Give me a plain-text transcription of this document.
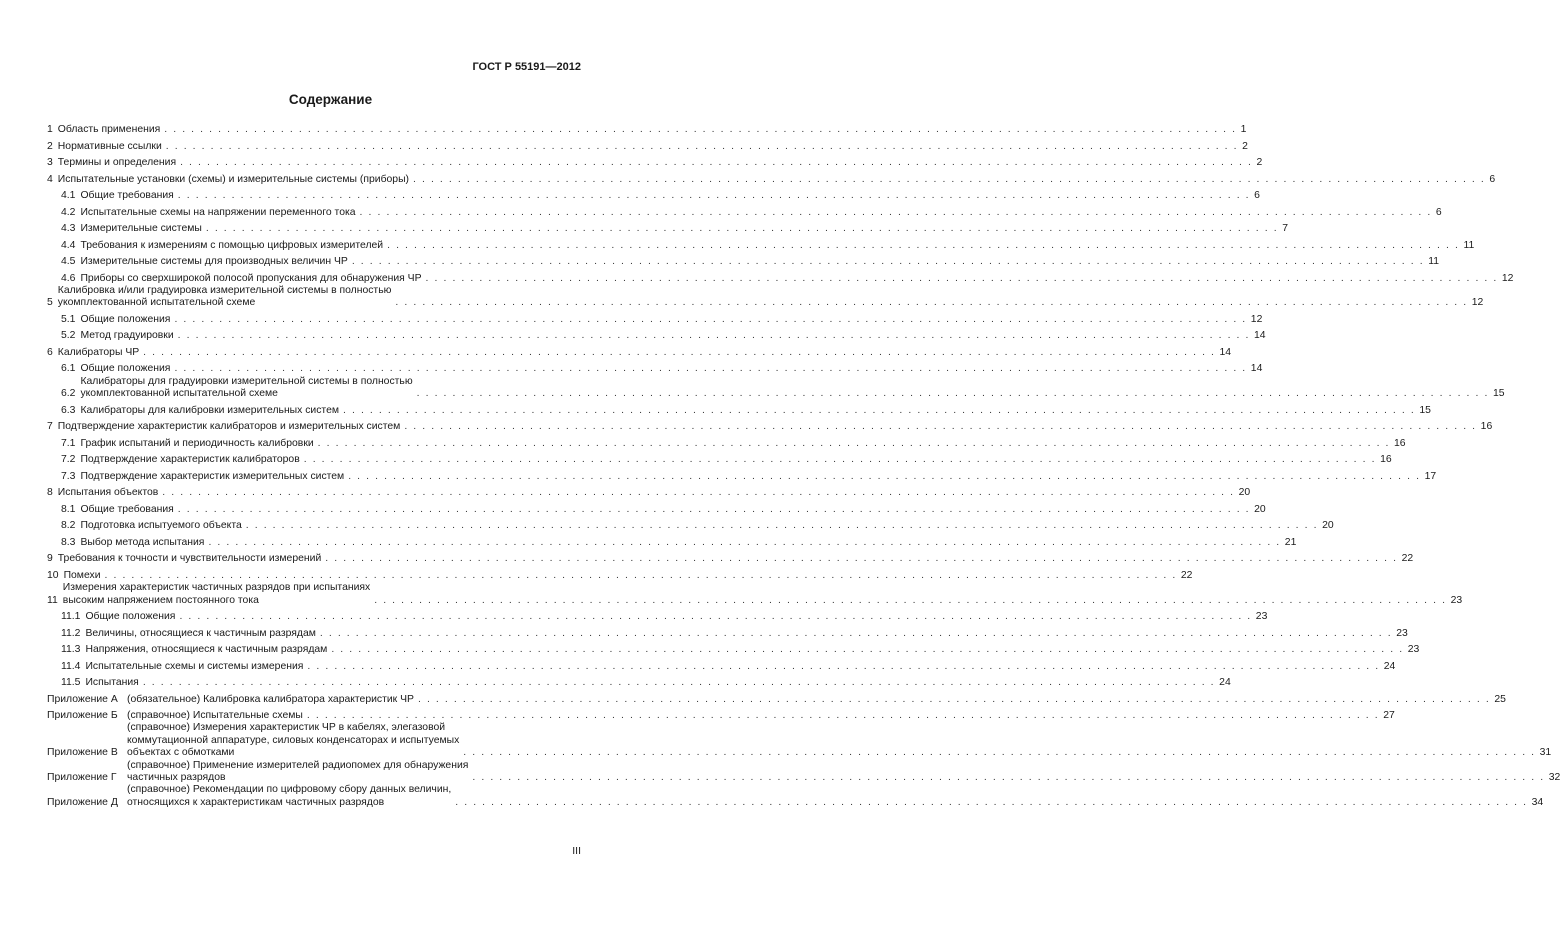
ГОСТ Р 55191—2012
Содержание
1 Область применения . . . . . . . . . . . . . . . . . . . . . . . . . . . . . . . . . . . . . . . . . . . . . . . . . . . . . . . . . . . . . . . . . . . . . . . . . . . . . . . . . . . . . . . . . . . . . . . . . . . . . . . . . . . . . . . . . . . . . . . . 1
2 Нормативные ссылки . . . . . . . . . . . . . . . . . . . . . . . . . . . . . . . . . . . . . . . . . . . . . . . . . . . . . . . . . . . . . . . . . . . . . . . . . . . . . . . . . . . . . . . . . . . . . . . . . . . . . . . . . . . . . . . . . . . . . . . . 2
3 Термины и определения . . . . . . . . . . . . . . . . . . . . . . . . . . . . . . . . . . . . . . . . . . . . . . . . . . . . . . . . . . . . . . . . . . . . . . . . . . . . . . . . . . . . . . . . . . . . . . . . . . . . . . . . . . . . . . . . . . . . . . . . 2
4 Испытательные установки (схемы) и измерительные системы (приборы) . . . . . . . . . . . . . . . . . . . . . . . . . . . . . . . . . . . . . . . . . . . . . . . . . . . . . . . . . . . . . . . . . . . . . . . . . . . . . . . . . . . . . . . . . . . . . . . . . . . . . . . . . . . . . . . . . . . . . . . . 6
4.1 Общие требования . . . . . . . . . . . . . . . . . . . . . . . . . . . . . . . . . . . . . . . . . . . . . . . . . . . . . . . . . . . . . . . . . . . . . . . . . . . . . . . . . . . . . . . . . . . . . . . . . . . . . . . . . . . . . . . . . . . . . . . . 6
4.2 Испытательные схемы на напряжении переменного тока . . . . . . . . . . . . . . . . . . . . . . . . . . . . . . . . . . . . . . . . . . . . . . . . . . . . . . . . . . . . . . . . . . . . . . . . . . . . . . . . . . . . . . . . . . . . . . . . . . . . . . . . . . . . . . . . . . . . . . . . 6
4.3 Измерительные системы . . . . . . . . . . . . . . . . . . . . . . . . . . . . . . . . . . . . . . . . . . . . . . . . . . . . . . . . . . . . . . . . . . . . . . . . . . . . . . . . . . . . . . . . . . . . . . . . . . . . . . . . . . . . . . . . . . . . . . . . 7
4.4 Требования к измерениям с помощью цифровых измерителей . . . . . . . . . . . . . . . . . . . . . . . . . . . . . . . . . . . . . . . . . . . . . . . . . . . . . . . . . . . . . . . . . . . . . . . . . . . . . . . . . . . . . . . . . . . . . . . . . . . . . . . . . . . . . . . . . . . . . . . . 11
4.5 Измерительные системы для производных величин ЧР . . . . . . . . . . . . . . . . . . . . . . . . . . . . . . . . . . . . . . . . . . . . . . . . . . . . . . . . . . . . . . . . . . . . . . . . . . . . . . . . . . . . . . . . . . . . . . . . . . . . . . . . . . . . . . . . . . . . . . . . 11
4.6 Приборы со сверхширокой полосой пропускания для обнаружения ЧР . . . . . . . . . . . . . . . . . . . . . . . . . . . . . . . . . . . . . . . . . . . . . . . . . . . . . . . . . . . . . . . . . . . . . . . . . . . . . . . . . . . . . . . . . . . . . . . . . . . . . . . . . . . . . . . . . . . . . . . . 12
5
Калибровка и/или градуировка измерительной системы в полностью
укомплектованной испытательной схеме	. . . . . . . . . . . . . . . . . . . . . . . . . . . . . . . . . . . . . . . . . . . . . . . . . . . . . . . . . . . . . . . . . . . . . . . . . . . . . . . . . . . . . . . . . . . . . . . . . . . . . . . . . . . . . . . . . . . . . . . . 12
5.1 Общие положения . . . . . . . . . . . . . . . . . . . . . . . . . . . . . . . . . . . . . . . . . . . . . . . . . . . . . . . . . . . . . . . . . . . . . . . . . . . . . . . . . . . . . . . . . . . . . . . . . . . . . . . . . . . . . . . . . . . . . . . . 12
5.2 Метод градуировки . . . . . . . . . . . . . . . . . . . . . . . . . . . . . . . . . . . . . . . . . . . . . . . . . . . . . . . . . . . . . . . . . . . . . . . . . . . . . . . . . . . . . . . . . . . . . . . . . . . . . . . . . . . . . . . . . . . . . . . . 14
6 Калибраторы ЧР . . . . . . . . . . . . . . . . . . . . . . . . . . . . . . . . . . . . . . . . . . . . . . . . . . . . . . . . . . . . . . . . . . . . . . . . . . . . . . . . . . . . . . . . . . . . . . . . . . . . . . . . . . . . . . . . . . . . . . . . 14
6.1 Общие положения . . . . . . . . . . . . . . . . . . . . . . . . . . . . . . . . . . . . . . . . . . . . . . . . . . . . . . . . . . . . . . . . . . . . . . . . . . . . . . . . . . . . . . . . . . . . . . . . . . . . . . . . . . . . . . . . . . . . . . . . 14
6.2
Калибраторы для градуировки измерительной системы в полностью
укомплектованной испытательной схеме	. . . . . . . . . . . . . . . . . . . . . . . . . . . . . . . . . . . . . . . . . . . . . . . . . . . . . . . . . . . . . . . . . . . . . . . . . . . . . . . . . . . . . . . . . . . . . . . . . . . . . . . . . . . . . . . . . . . . . . . . 15
6.3 Калибраторы для калибровки измерительных систем . . . . . . . . . . . . . . . . . . . . . . . . . . . . . . . . . . . . . . . . . . . . . . . . . . . . . . . . . . . . . . . . . . . . . . . . . . . . . . . . . . . . . . . . . . . . . . . . . . . . . . . . . . . . . . . . . . . . . . . . 15
7 Подтверждение характеристик калибраторов и измерительных систем . . . . . . . . . . . . . . . . . . . . . . . . . . . . . . . . . . . . . . . . . . . . . . . . . . . . . . . . . . . . . . . . . . . . . . . . . . . . . . . . . . . . . . . . . . . . . . . . . . . . . . . . . . . . . . . . . . . . . . . . 16
7.1 График испытаний и периодичность калибровки . . . . . . . . . . . . . . . . . . . . . . . . . . . . . . . . . . . . . . . . . . . . . . . . . . . . . . . . . . . . . . . . . . . . . . . . . . . . . . . . . . . . . . . . . . . . . . . . . . . . . . . . . . . . . . . . . . . . . . . . 16
7.2 Подтверждение характеристик калибраторов . . . . . . . . . . . . . . . . . . . . . . . . . . . . . . . . . . . . . . . . . . . . . . . . . . . . . . . . . . . . . . . . . . . . . . . . . . . . . . . . . . . . . . . . . . . . . . . . . . . . . . . . . . . . . . . . . . . . . . . . 16
7.3 Подтверждение характеристик измерительных систем . . . . . . . . . . . . . . . . . . . . . . . . . . . . . . . . . . . . . . . . . . . . . . . . . . . . . . . . . . . . . . . . . . . . . . . . . . . . . . . . . . . . . . . . . . . . . . . . . . . . . . . . . . . . . . . . . . . . . . . . 17
8 Испытания объектов . . . . . . . . . . . . . . . . . . . . . . . . . . . . . . . . . . . . . . . . . . . . . . . . . . . . . . . . . . . . . . . . . . . . . . . . . . . . . . . . . . . . . . . . . . . . . . . . . . . . . . . . . . . . . . . . . . . . . . . . 20
8.1 Общие требования . . . . . . . . . . . . . . . . . . . . . . . . . . . . . . . . . . . . . . . . . . . . . . . . . . . . . . . . . . . . . . . . . . . . . . . . . . . . . . . . . . . . . . . . . . . . . . . . . . . . . . . . . . . . . . . . . . . . . . . . 20
8.2 Подготовка испытуемого объекта . . . . . . . . . . . . . . . . . . . . . . . . . . . . . . . . . . . . . . . . . . . . . . . . . . . . . . . . . . . . . . . . . . . . . . . . . . . . . . . . . . . . . . . . . . . . . . . . . . . . . . . . . . . . . . . . . . . . . . . . 20
8.3 Выбор метода испытания . . . . . . . . . . . . . . . . . . . . . . . . . . . . . . . . . . . . . . . . . . . . . . . . . . . . . . . . . . . . . . . . . . . . . . . . . . . . . . . . . . . . . . . . . . . . . . . . . . . . . . . . . . . . . . . . . . . . . . . . 21
9 Требования к точности и чувствительности измерений . . . . . . . . . . . . . . . . . . . . . . . . . . . . . . . . . . . . . . . . . . . . . . . . . . . . . . . . . . . . . . . . . . . . . . . . . . . . . . . . . . . . . . . . . . . . . . . . . . . . . . . . . . . . . . . . . . . . . . . . 22
10 Помехи . . . . . . . . . . . . . . . . . . . . . . . . . . . . . . . . . . . . . . . . . . . . . . . . . . . . . . . . . . . . . . . . . . . . . . . . . . . . . . . . . . . . . . . . . . . . . . . . . . . . . . . . . . . . . . . . . . . . . . . . 22
11
Измерения характеристик частичных разрядов при испытаниях
высоким напряжением постоянного тока	. . . . . . . . . . . . . . . . . . . . . . . . . . . . . . . . . . . . . . . . . . . . . . . . . . . . . . . . . . . . . . . . . . . . . . . . . . . . . . . . . . . . . . . . . . . . . . . . . . . . . . . . . . . . . . . . . . . . . . . . 23
11.1 Общие положения . . . . . . . . . . . . . . . . . . . . . . . . . . . . . . . . . . . . . . . . . . . . . . . . . . . . . . . . . . . . . . . . . . . . . . . . . . . . . . . . . . . . . . . . . . . . . . . . . . . . . . . . . . . . . . . . . . . . . . . . 23
11.2 Величины, относящиеся к частичным разрядам . . . . . . . . . . . . . . . . . . . . . . . . . . . . . . . . . . . . . . . . . . . . . . . . . . . . . . . . . . . . . . . . . . . . . . . . . . . . . . . . . . . . . . . . . . . . . . . . . . . . . . . . . . . . . . . . . . . . . . . . 23
11.3 Напряжения, относящиеся к частичным разрядам . . . . . . . . . . . . . . . . . . . . . . . . . . . . . . . . . . . . . . . . . . . . . . . . . . . . . . . . . . . . . . . . . . . . . . . . . . . . . . . . . . . . . . . . . . . . . . . . . . . . . . . . . . . . . . . . . . . . . . . . 23
11.4 Испытательные схемы и системы измерения . . . . . . . . . . . . . . . . . . . . . . . . . . . . . . . . . . . . . . . . . . . . . . . . . . . . . . . . . . . . . . . . . . . . . . . . . . . . . . . . . . . . . . . . . . . . . . . . . . . . . . . . . . . . . . . . . . . . . . . . 24
11.5 Испытания . . . . . . . . . . . . . . . . . . . . . . . . . . . . . . . . . . . . . . . . . . . . . . . . . . . . . . . . . . . . . . . . . . . . . . . . . . . . . . . . . . . . . . . . . . . . . . . . . . . . . . . . . . . . . . . . . . . . . . . . 24
Приложение А (обязательное) Калибровка калибратора характеристик ЧР . . . . . . . . . . . . . . . . . . . . . . . . . . . . . . . . . . . . . . . . . . . . . . . . . . . . . . . . . . . . . . . . . . . . . . . . . . . . . . . . . . . . . . . . . . . . . . . . . . . . . . . . . . . . . . . . . . . . . . . . 25
Приложение Б (справочное) Испытательные схемы . . . . . . . . . . . . . . . . . . . . . . . . . . . . . . . . . . . . . . . . . . . . . . . . . . . . . . . . . . . . . . . . . . . . . . . . . . . . . . . . . . . . . . . . . . . . . . . . . . . . . . . . . . . . . . . . . . . . . . . . 27
Приложение В
(справочное) Измерения характеристик ЧР в кабелях, элегазовой
коммутационной аппаратуре, силовых конденсаторах и испытуемых
объектах с обмотками	. . . . . . . . . . . . . . . . . . . . . . . . . . . . . . . . . . . . . . . . . . . . . . . . . . . . . . . . . . . . . . . . . . . . . . . . . . . . . . . . . . . . . . . . . . . . . . . . . . . . . . . . . . . . . . . . . . . . . . . . 31
Приложение Г
(справочное) Применение измерителей радиопомех для обнаружения
частичных разрядов	. . . . . . . . . . . . . . . . . . . . . . . . . . . . . . . . . . . . . . . . . . . . . . . . . . . . . . . . . . . . . . . . . . . . . . . . . . . . . . . . . . . . . . . . . . . . . . . . . . . . . . . . . . . . . . . . . . . . . . . . 32
Приложение Д
(справочное) Рекомендации по цифровому сбору данных величин,
относящихся к характеристикам частичных разрядов	. . . . . . . . . . . . . . . . . . . . . . . . . . . . . . . . . . . . . . . . . . . . . . . . . . . . . . . . . . . . . . . . . . . . . . . . . . . . . . . . . . . . . . . . . . . . . . . . . . . . . . . . . . . . . . . . . . . . . . . . 34
III
